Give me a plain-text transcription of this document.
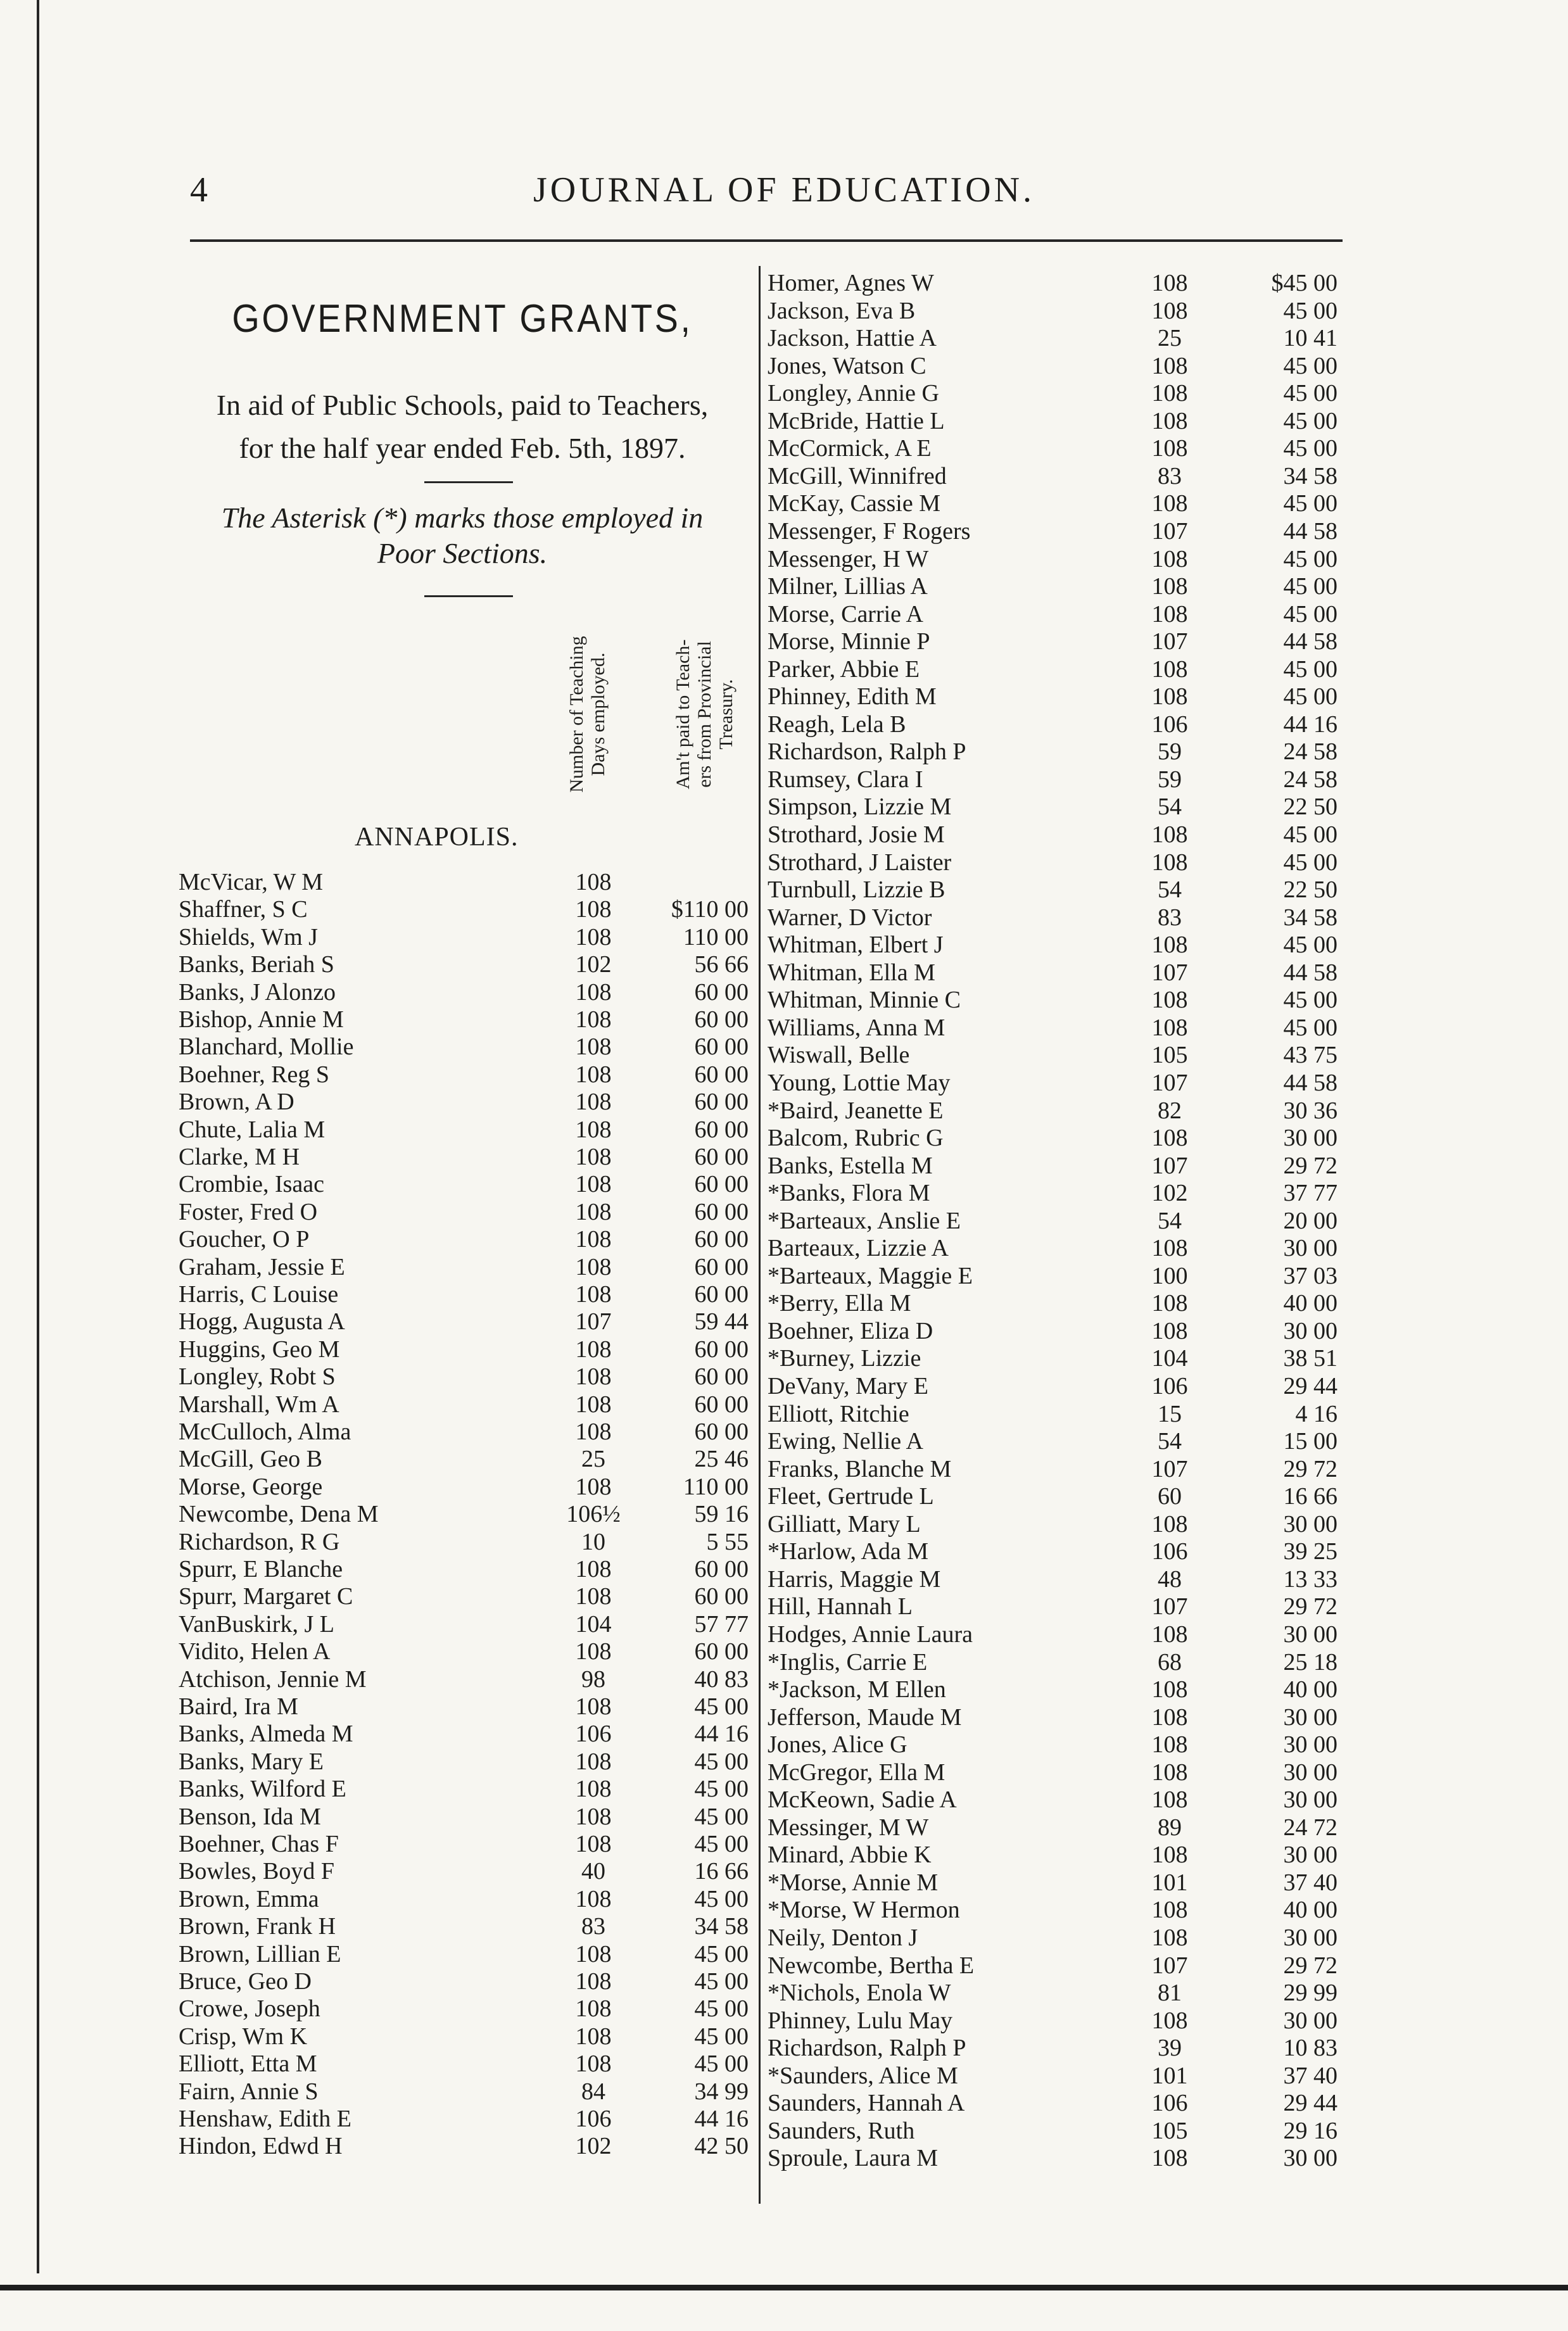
4	JOURNAL OF EDUCATION.
GOVERNMENT GRANTS,
In aid of Public Schools, paid to Teachers,
for the half year ended Feb. 5th, 1897.
The Asterisk (*) marks those employed in
Poor Sections.
Number of Teaching Days employed.	Am't paid to Teach- ers from Provincial Treasury.
ANNAPOLIS.
McVicar, W M	108
Shaffner, S C	108	$110 00
Shields, Wm J	108	110 00
Banks, Beriah S	102	56 66
Banks, J Alonzo	108	60 00
Bishop, Annie M	108	60 00
Blanchard, Mollie	108	60 00
Boehner, Reg S	108	60 00
Brown, A D	108	60 00
Chute, Lalia M	108	60 00
Clarke, M H	108	60 00
Crombie, Isaac	108	60 00
Foster, Fred O	108	60 00
Goucher, O P	108	60 00
Graham, Jessie E	108	60 00
Harris, C Louise	108	60 00
Hogg, Augusta A	107	59 44
Huggins, Geo M	108	60 00
Longley, Robt S	108	60 00
Marshall, Wm A	108	60 00
McCulloch, Alma	108	60 00
McGill, Geo B	25	25 46
Morse, George	108	110 00
Newcombe, Dena M	106½	59 16
Richardson, R G	10	5 55
Spurr, E Blanche	108	60 00
Spurr, Margaret C	108	60 00
VanBuskirk, J L	104	57 77
Vidito, Helen A	108	60 00
Atchison, Jennie M	98	40 83
Baird, Ira M	108	45 00
Banks, Almeda M	106	44 16
Banks, Mary E	108	45 00
Banks, Wilford E	108	45 00
Benson, Ida M	108	45 00
Boehner, Chas F	108	45 00
Bowles, Boyd F	40	16 66
Brown, Emma	108	45 00
Brown, Frank H	83	34 58
Brown, Lillian E	108	45 00
Bruce, Geo D	108	45 00
Crowe, Joseph	108	45 00
Crisp, Wm K	108	45 00
Elliott, Etta M	108	45 00
Fairn, Annie S	84	34 99
Henshaw, Edith E	106	44 16
Hindon, Edwd H	102	42 50
Homer, Agnes W	108	$45 00
Jackson, Eva B	108	45 00
Jackson, Hattie A	25	10 41
Jones, Watson C	108	45 00
Longley, Annie G	108	45 00
McBride, Hattie L	108	45 00
McCormick, A E	108	45 00
McGill, Winnifred	83	34 58
McKay, Cassie M	108	45 00
Messenger, F Rogers	107	44 58
Messenger, H W	108	45 00
Milner, Lillias A	108	45 00
Morse, Carrie A	108	45 00
Morse, Minnie P	107	44 58
Parker, Abbie E	108	45 00
Phinney, Edith M	108	45 00
Reagh, Lela B	106	44 16
Richardson, Ralph P	59	24 58
Rumsey, Clara I	59	24 58
Simpson, Lizzie M	54	22 50
Strothard, Josie M	108	45 00
Strothard, J Laister	108	45 00
Turnbull, Lizzie B	54	22 50
Warner, D Victor	83	34 58
Whitman, Elbert J	108	45 00
Whitman, Ella M	107	44 58
Whitman, Minnie C	108	45 00
Williams, Anna M	108	45 00
Wiswall, Belle	105	43 75
Young, Lottie May	107	44 58
*Baird, Jeanette E	82	30 36
Balcom, Rubric G	108	30 00
Banks, Estella M	107	29 72
*Banks, Flora M	102	37 77
*Barteaux, Anslie E	54	20 00
Barteaux, Lizzie A	108	30 00
*Barteaux, Maggie E	100	37 03
*Berry, Ella M	108	40 00
Boehner, Eliza D	108	30 00
*Burney, Lizzie	104	38 51
DeVany, Mary E	106	29 44
Elliott, Ritchie	15	4 16
Ewing, Nellie A	54	15 00
Franks, Blanche M	107	29 72
Fleet, Gertrude L	60	16 66
Gilliatt, Mary L	108	30 00
*Harlow, Ada M	106	39 25
Harris, Maggie M	48	13 33
Hill, Hannah L	107	29 72
Hodges, Annie Laura	108	30 00
*Inglis, Carrie E	68	25 18
*Jackson, M Ellen	108	40 00
Jefferson, Maude M	108	30 00
Jones, Alice G	108	30 00
McGregor, Ella M	108	30 00
McKeown, Sadie A	108	30 00
Messinger, M W	89	24 72
Minard, Abbie K	108	30 00
*Morse, Annie M	101	37 40
*Morse, W Hermon	108	40 00
Neily, Denton J	108	30 00
Newcombe, Bertha E	107	29 72
*Nichols, Enola W	81	29 99
Phinney, Lulu May	108	30 00
Richardson, Ralph P	39	10 83
*Saunders, Alice M	101	37 40
Saunders, Hannah A	106	29 44
Saunders, Ruth	105	29 16
Sproule, Laura M	108	30 00
